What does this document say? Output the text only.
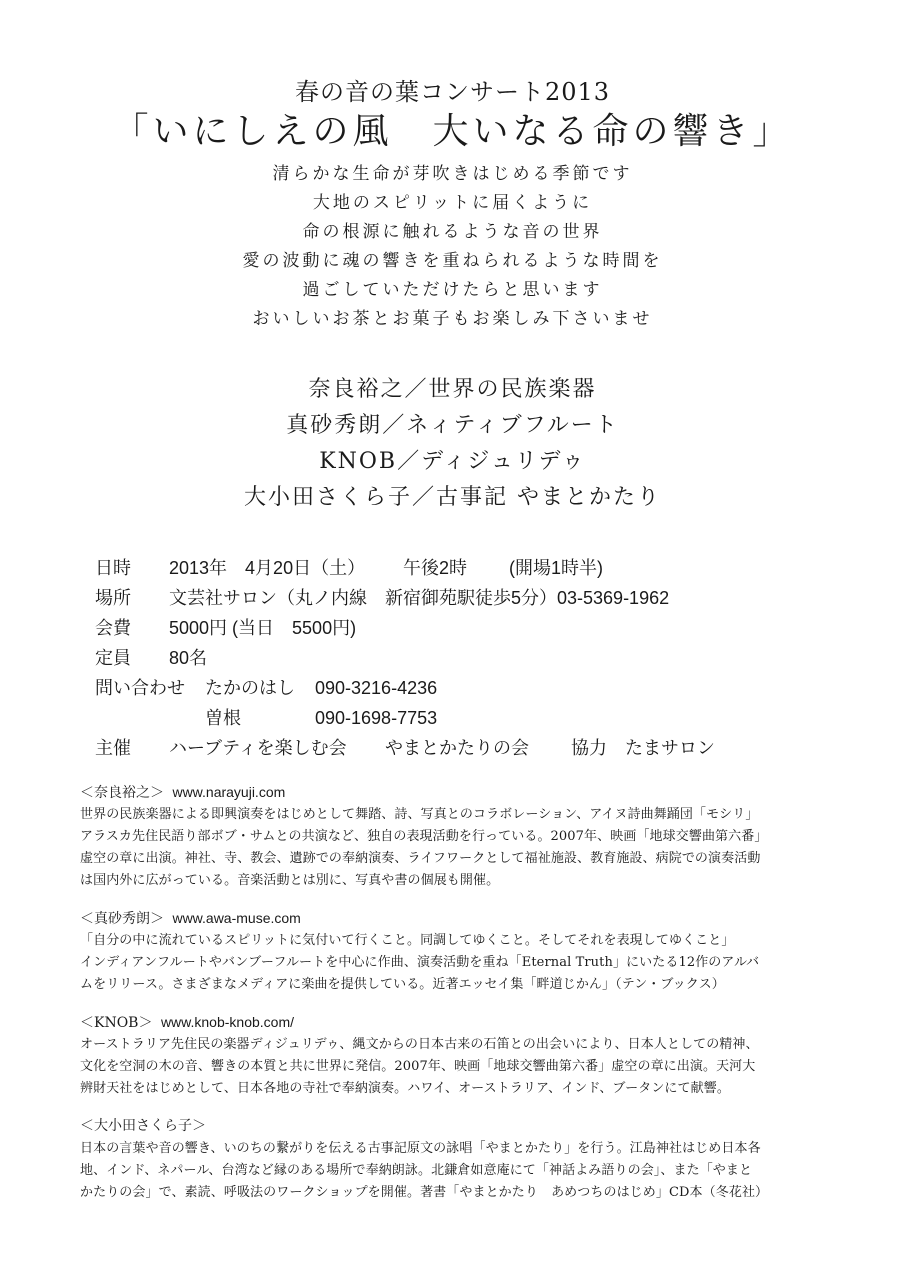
春の音の葉コンサート2013
「いにしえの風　大いなる命の響き」
清らかな生命が芽吹きはじめる季節です
大地のスピリットに届くように
命の根源に触れるような音の世界
愛の波動に魂の響きを重ねられるような時間を
過ごしていただけたらと思います
おいしいお茶とお菓子もお楽しみ下さいませ
奈良裕之／世界の民族楽器
真砂秀朗／ネィティブフルート
KNOB／ディジュリデゥ
大小田さくら子／古事記 やまとかたり
日時 2013年　4月20日（土） 午後2時 (開場1時半)
場所 文芸社サロン（丸ノ内線　新宿御苑駅徒歩5分）03-5369-1962
会費 5000円 (当日　5500円)
定員 80名
問い合わせ たかのはし 090-3216-4236
曽根	090-1698-7753
主催 ハーブティを楽しむ会 やまとかたりの会 協力 たまサロン
＜奈良裕之＞ www.narayuji.com
世界の民族楽器による即興演奏をはじめとして舞踏、詩、写真とのコラボレーション、アイヌ詩曲舞踊団「モシリ」
アラスカ先住民語り部ボブ・サムとの共演など、独自の表現活動を行っている。2007年、映画「地球交響曲第六番」
虚空の章に出演。神社、寺、教会、遺跡での奉納演奏、ライフワークとして福祉施設、教育施設、病院での演奏活動
は国内外に広がっている。音楽活動とは別に、写真や書の個展も開催。
＜真砂秀朗＞ www.awa-muse.com
「自分の中に流れているスピリットに気付いて行くこと。同調してゆくこと。そしてそれを表現してゆくこと」
インディアンフルートやバンブーフルートを中心に作曲、演奏活動を重ね「Eternal Truth」にいたる12作のアルバ
ムをリリース。さまざまなメディアに楽曲を提供している。近著エッセイ集「畔道じかん」（テン・ブックス）
＜KNOB＞ www.knob-knob.com/
オーストラリア先住民の楽器ディジュリデゥ、縄文からの日本古来の石笛との出会いにより、日本人としての精神、
文化を空洞の木の音、響きの本質と共に世界に発信。2007年、映画「地球交響曲第六番」虚空の章に出演。天河大
辨財天社をはじめとして、日本各地の寺社で奉納演奏。ハワイ、オーストラリア、インド、ブータンにて献響。
＜大小田さくら子＞
日本の言葉や音の響き、いのちの繋がりを伝える古事記原文の詠唱「やまとかたり」を行う。江島神社はじめ日本各
地、インド、ネパール、台湾など縁のある場所で奉納朗詠。北鎌倉如意庵にて「神話よみ語りの会」、また「やまと
かたりの会」で、素読、呼吸法のワークショップを開催。著書「やまとかたり　あめつちのはじめ」CD本（冬花社）
